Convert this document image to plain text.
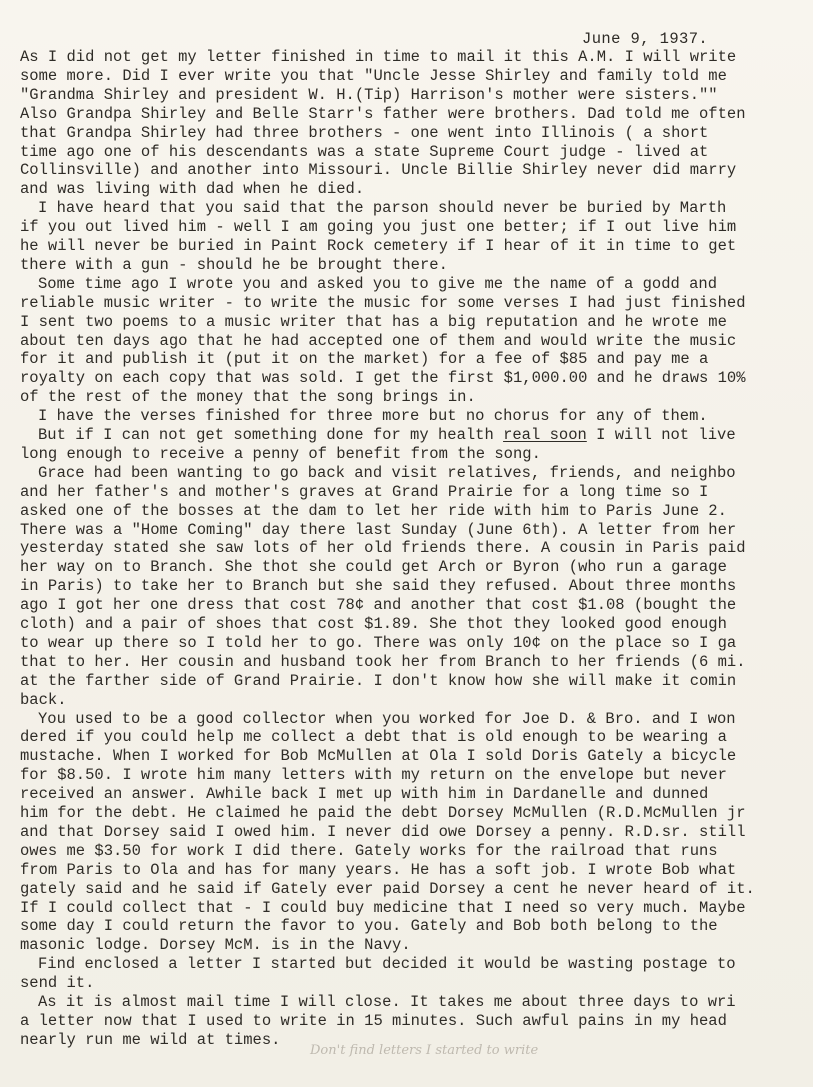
June 9, 1937.
As I did not get my letter finished in time to mail it this A.M. I will write
some more. Did I ever write you that "Uncle Jesse Shirley and family told me
"Grandma Shirley and president W. H.(Tip) Harrison's mother were sisters.""
Also Grandpa Shirley and Belle Starr's father were brothers. Dad told me often
that Grandpa Shirley had three brothers - one went into Illinois ( a short
time ago one of his descendants was a state Supreme Court judge - lived at
Collinsville) and another into Missouri. Uncle Billie Shirley never did marry
and was living with dad when he died.
I have heard that you said that the parson should never be buried by Marth
if you out lived him - well I am going you just one better; if I out live him
he will never be buried in Paint Rock cemetery if I hear of it in time to get
there with a gun - should he be brought there.
Some time ago I wrote you and asked you to give me the name of a godd and
reliable music writer - to write the music for some verses I had just finished
I sent two poems to a music writer that has a big reputation and he wrote me
about ten days ago that he had accepted one of them and would write the music
for it and publish it (put it on the market) for a fee of $85 and pay me a
royalty on each copy that was sold. I get the first $1,000.00 and he draws 10%
of the rest of the money that the song brings in.
I have the verses finished for three more but no chorus for any of them.
But if I can not get something done for my health real soon I will not live
long enough to receive a penny of benefit from the song.
Grace had been wanting to go back and visit relatives, friends, and neighbo
and her father's and mother's graves at Grand Prairie for a long time so I
asked one of the bosses at the dam to let her ride with him to Paris June 2.
There was a "Home Coming" day there last Sunday (June 6th). A letter from her
yesterday stated she saw lots of her old friends there. A cousin in Paris paid
her way on to Branch. She thot she could get Arch or Byron (who run a garage
in Paris) to take her to Branch but she said they refused. About three months
ago I got her one dress that cost 78¢ and another that cost $1.08 (bought the
cloth) and a pair of shoes that cost $1.89. She thot they looked good enough
to wear up there so I told her to go. There was only 10¢ on the place so I ga
that to her. Her cousin and husband took her from Branch to her friends (6 mi.
at the farther side of Grand Prairie. I don't know how she will make it comin
back.
You used to be a good collector when you worked for Joe D. & Bro. and I won
dered if you could help me collect a debt that is old enough to be wearing a
mustache. When I worked for Bob McMullen at Ola I sold Doris Gately a bicycle
for $8.50. I wrote him many letters with my return on the envelope but never
received an answer. Awhile back I met up with him in Dardanelle and dunned
him for the debt. He claimed he paid the debt Dorsey McMullen (R.D.McMullen jr
and that Dorsey said I owed him. I never did owe Dorsey a penny. R.D.sr. still
owes me $3.50 for work I did there. Gately works for the railroad that runs
from Paris to Ola and has for many years. He has a soft job. I wrote Bob what
gately said and he said if Gately ever paid Dorsey a cent he never heard of it.
If I could collect that - I could buy medicine that I need so very much. Maybe
some day I could return the favor to you. Gately and Bob both belong to the
masonic lodge. Dorsey McM. is in the Navy.
Find enclosed a letter I started but decided it would be wasting postage to
send it.
As it is almost mail time I will close. It takes me about three days to wri
a letter now that I used to write in 15 minutes. Such awful pains in my head
nearly run me wild at times.
Don't find letters I started to write
